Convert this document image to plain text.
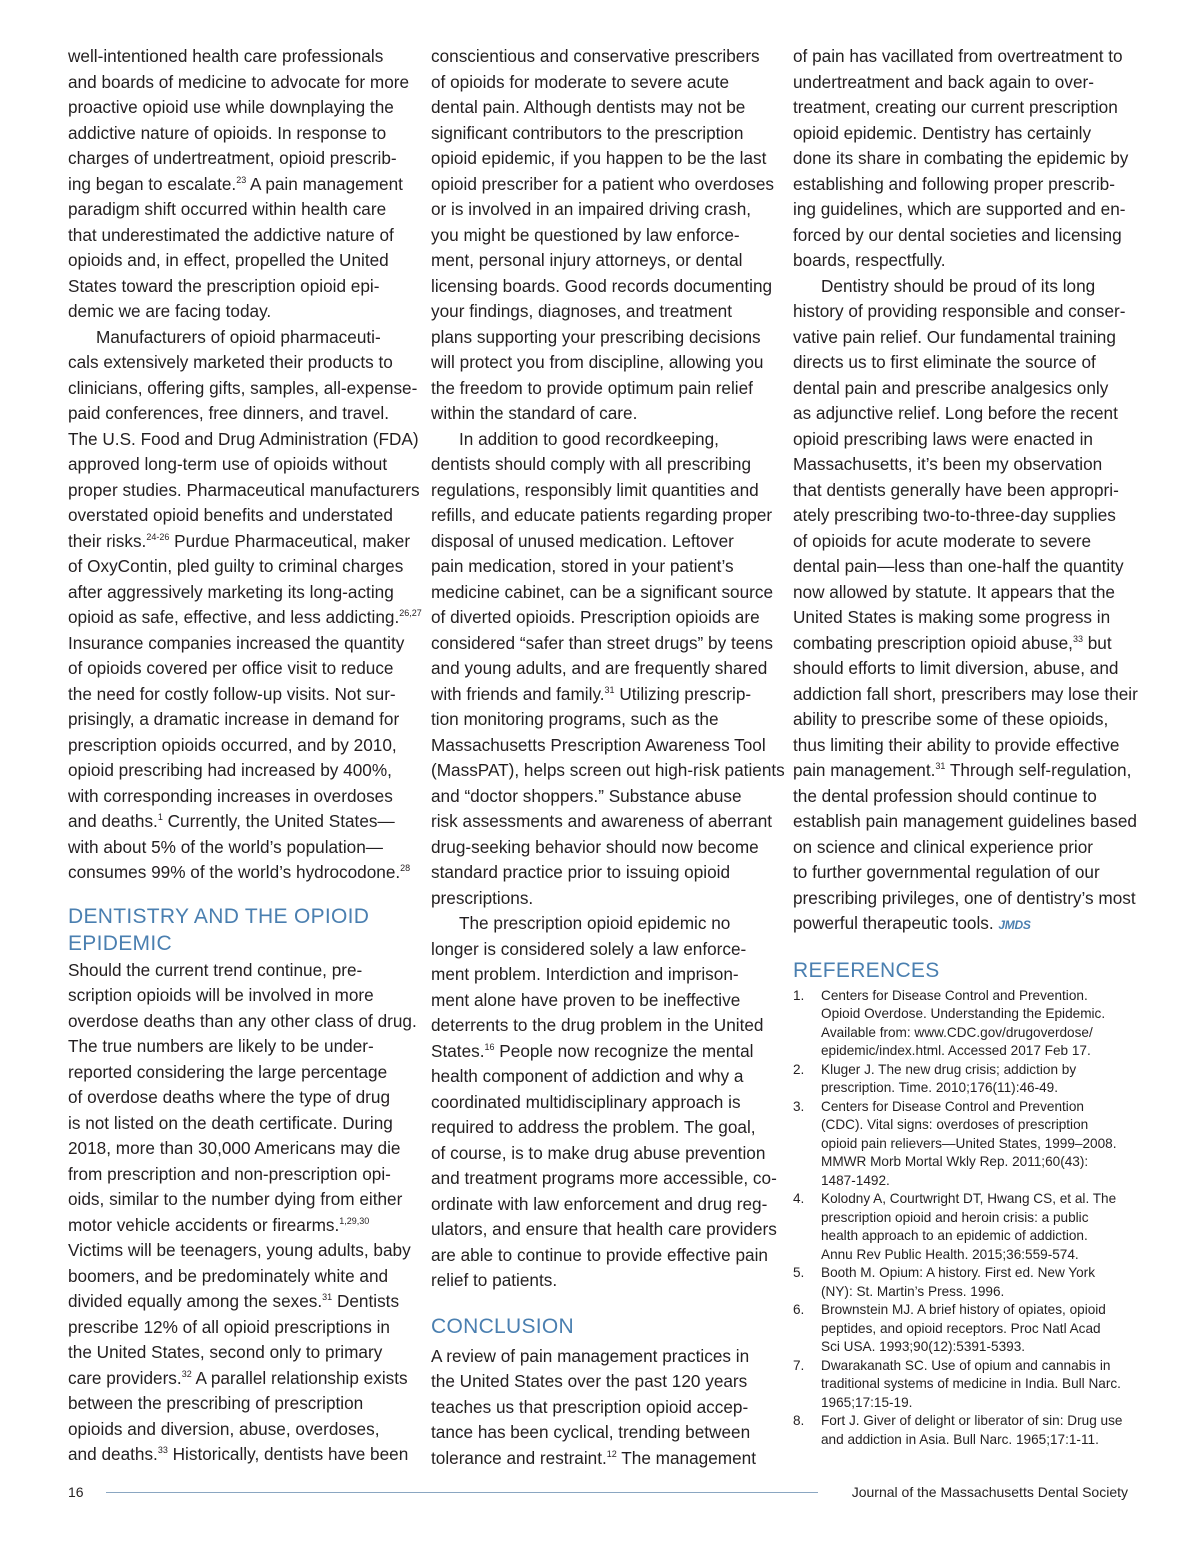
well-intentioned health care professionals

and boards of medicine to advocate for more

proactive opioid use while downplaying the

addictive nature of opioids. In response to

charges of undertreatment, opioid prescrib-

ing began to escalate.$^{23}$ A pain management

paradigm shift occurred within health care

that underestimated the addictive nature of

opioids and, in effect, propelled the United

States toward the prescription opioid epi-

demic we are facing today.

Manufacturers of opioid pharmaceuti-

cals extensively marketed their products to

clinicians, offering gifts, samples, all-expense-

paid conferences, free dinners, and travel.

The U.S. Food and Drug Administration (FDA)

approved long-term use of opioids without

proper studies. Pharmaceutical manufacturers

overstated opioid benefits and understated

their risks.$^{24-26}$ Purdue Pharmaceutical, maker

of OxyContin, pled guilty to criminal charges

after aggressively marketing its long-acting

opioid as safe, effective, and less addicting.$^{26,27}$

Insurance companies increased the quantity

of opioids covered per office visit to reduce

the need for costly follow-up visits. Not sur-

prisingly, a dramatic increase in demand for

prescription opioids occurred, and by 2010,

opioid prescribing had increased by 400%,

with corresponding increases in overdoses

and deaths.$^1$ Currently, the United States—

with about 5% of the world’s population—

consumes 99% of the world’s hydrocodone.$^{28}$

DENTISTRY AND THE OPIOID
EPIDEMIC

Should the current trend continue, pre-

scription opioids will be involved in more

overdose deaths than any other class of drug.

The true numbers are likely to be under-

reported considering the large percentage

of overdose deaths where the type of drug

is not listed on the death certificate. During

2018, more than 30,000 Americans may die

from prescription and non-prescription opi-

oids, similar to the number dying from either

motor vehicle accidents or firearms.$^{1,29,30}$

Victims will be teenagers, young adults, baby

boomers, and be predominately white and

divided equally among the sexes.$^{31}$ Dentists

prescribe 12% of all opioid prescriptions in

the United States, second only to primary

care providers.$^{32}$ A parallel relationship exists

between the prescribing of prescription

opioids and diversion, abuse, overdoses,

and deaths.$^{33}$ Historically, dentists have been

conscientious and conservative prescribers

of opioids for moderate to severe acute

dental pain. Although dentists may not be

significant contributors to the prescription

opioid epidemic, if you happen to be the last

opioid prescriber for a patient who overdoses

or is involved in an impaired driving crash,

you might be questioned by law enforce-

ment, personal injury attorneys, or dental

licensing boards. Good records documenting

your findings, diagnoses, and treatment

plans supporting your prescribing decisions

will protect you from discipline, allowing you

the freedom to provide optimum pain relief

within the standard of care.

In addition to good recordkeeping,

dentists should comply with all prescribing

regulations, responsibly limit quantities and

refills, and educate patients regarding proper

disposal of unused medication. Leftover

pain medication, stored in your patient’s

medicine cabinet, can be a significant source

of diverted opioids. Prescription opioids are

considered “safer than street drugs” by teens

and young adults, and are frequently shared

with friends and family.$^{31}$ Utilizing prescrip-

tion monitoring programs, such as the

Massachusetts Prescription Awareness Tool

(MassPAT), helps screen out high-risk patients

and “doctor shoppers.” Substance abuse

risk assessments and awareness of aberrant

drug-seeking behavior should now become

standard practice prior to issuing opioid

prescriptions.

The prescription opioid epidemic no

longer is considered solely a law enforce-

ment problem. Interdiction and imprison-

ment alone have proven to be ineffective

deterrents to the drug problem in the United

States.$^{16}$ People now recognize the mental

health component of addiction and why a

coordinated multidisciplinary approach is

required to address the problem. The goal,

of course, is to make drug abuse prevention

and treatment programs more accessible, co-

ordinate with law enforcement and drug reg-

ulators, and ensure that health care providers

are able to continue to provide effective pain

relief to patients.

CONCLUSION

A review of pain management practices in

the United States over the past 120 years

teaches us that prescription opioid accep-

tance has been cyclical, trending between

tolerance and restraint.$^{12}$ The management

of pain has vacillated from overtreatment to

undertreatment and back again to over-

treatment, creating our current prescription

opioid epidemic. Dentistry has certainly

done its share in combating the epidemic by

establishing and following proper prescrib-

ing guidelines, which are supported and en-

forced by our dental societies and licensing

boards, respectfully.

Dentistry should be proud of its long

history of providing responsible and conser-

vative pain relief. Our fundamental training

directs us to first eliminate the source of

dental pain and prescribe analgesics only

as adjunctive relief. Long before the recent

opioid prescribing laws were enacted in

Massachusetts, it’s been my observation

that dentists generally have been appropri-

ately prescribing two-to-three-day supplies

of opioids for acute moderate to severe

dental pain—less than one-half the quantity

now allowed by statute. It appears that the

United States is making some progress in

combating prescription opioid abuse,$^{33}$ but

should efforts to limit diversion, abuse, and

addiction fall short, prescribers may lose their

ability to prescribe some of these opioids,

thus limiting their ability to provide effective

pain management.$^{31}$ Through self-regulation,

the dental profession should continue to

establish pain management guidelines based

on science and clinical experience prior

to further governmental regulation of our

prescribing privileges, one of dentistry’s most

powerful therapeutic tools. JMDS

REFERENCES
1.	Centers for Disease Control and Prevention.

Opioid Overdose. Understanding the Epidemic.

Available from: www.CDC.gov/drugoverdose/

epidemic/index.html. Accessed 2017 Feb 17.

2.	Kluger J. The new drug crisis; addiction by

prescription. Time. 2010;176(11):46-49.

3.	Centers for Disease Control and Prevention

(CDC). Vital signs: overdoses of prescription

opioid pain relievers—United States, 1999–2008.

MMWR Morb Mortal Wkly Rep. 2011;60(43):

1487-1492.

4.	Kolodny A, Courtwright DT, Hwang CS, et al. The

prescription opioid and heroin crisis: a public

health approach to an epidemic of addiction.

Annu Rev Public Health. 2015;36:559-574.

5.	Booth M. Opium: A history. First ed. New York

(NY): St. Martin’s Press. 1996.

6.	Brownstein MJ. A brief history of opiates, opioid

peptides, and opioid receptors. Proc Natl Acad

Sci USA. 1993;90(12):5391-5393.

7.	Dwarakanath SC. Use of opium and cannabis in

traditional systems of medicine in India. Bull Narc.

1965;17:15-19.

8.	Fort J. Giver of delight or liberator of sin: Drug use

and addiction in Asia. Bull Narc. 1965;17:1-11.

16	Journal of the Massachusetts Dental Society
